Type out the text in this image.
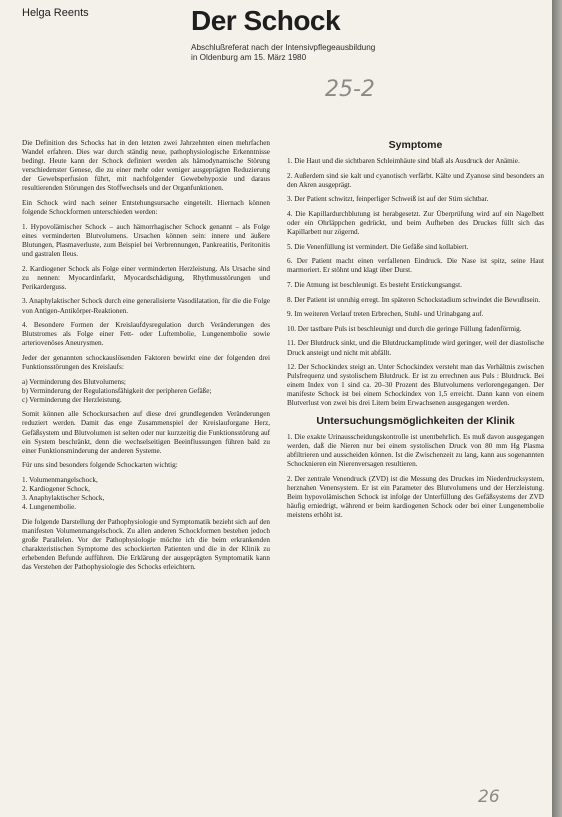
Helga Reents	Der Schock
Abschlußreferat nach der Intensivpflegeausbildung
in Oldenburg am 15. März 1980
25-2

Die Definition des Schocks hat in den letzten zwei Jahrzehnten einen mehrfachen Wandel erfahren. Dies war durch ständig neue, pathophysiologische Erkenntnisse bedingt. Heute kann der Schock definiert werden als hämodynamische Störung verschiedenster Genese, die zu einer mehr oder weniger ausgeprägten Reduzierung der Gewebsperfusion führt, mit nachfolgender Gewebehypoxie und daraus resultierenden Störungen des Stoffwechsels und der Organfunktionen.

Ein Schock wird nach seiner Entstehungsursache eingeteilt. Hiernach können folgende Schockformen unterschieden werden:

1. Hypovolämischer Schock – auch hämorrhagischer Schock genannt – als Folge eines verminderten Blutvolumens. Ursachen können sein: innere und äußere Blutungen, Plasmaverluste, zum Beispiel bei Verbrennungen, Pankreatitis, Peritonitis und gastralen Ileus.

2. Kardiogener Schock als Folge einer verminderten Herzleistung. Als Ursache sind zu nennen: Myocardinfarkt, Myocardschädigung, Rhythmusstörungen und Perikarderguss.

3. Anaphylaktischer Schock durch eine generalisierte Vasodilatation, für die die Folge von Antigen-Antikörper-Reaktionen.

4. Besondere Formen der Kreislaufdysregulation durch Veränderungen des Blutstromes als Folge einer Fett- oder Luftembolie, Lungenembolie sowie arteriovenöses Aneurysmen.

Jeder der genannten schockauslösenden Faktoren bewirkt eine der folgenden drei Funktionsstörungen des Kreislaufs:

a) Verminderung des Blutvolumens;
b) Verminderung der Regulationsfähigkeit der peripheren Gefäße;
c) Verminderung der Herzleistung.

Somit können alle Schockursachen auf diese drei grundlegenden Veränderungen reduziert werden. Damit das enge Zusammenspiel der Kreislauforgane Herz, Gefäßsystem und Blutvolumen ist selten oder nur kurzzeitig die Funktionsstörung auf ein System beschränkt, denn die wechselseitigen Beeinflussungen führen bald zu einer Funktionsminderung der anderen Systeme.

Für uns sind besonders folgende Schockarten wichtig:

1. Volumenmangelschock,
2. Kardiogener Schock,
3. Anaphylaktischer Schock,
4. Lungenembolie.

Die folgende Darstellung der Pathophysiologie und Symptomatik bezieht sich auf den manifesten Volumenmangelschock. Zu allen anderen Schockformen bestehen jedoch große Parallelen. Vor der Pathophysiologie möchte ich die beim erkrankenden charakteristischen Symptome des schockierten Patienten und die in der Klinik zu erhebenden Befunde aufführen. Die Erklärung der ausgeprägten Symptomatik kann das Verstehen der Pathophysiologie des Schocks erleichtern.

Symptome

1. Die Haut und die sichtbaren Schleimhäute sind blaß als Ausdruck der Anämie.

2. Außerdem sind sie kalt und cyanotisch verfärbt. Kälte und Zyanose sind besonders an den Akren ausgeprägt.

3. Der Patient schwitzt, feinperliger Schweiß ist auf der Stirn sichtbar.

4. Die Kapillardurchblutung ist herabgesetzt. Zur Überprüfung wird auf ein Nagelbett oder ein Ohrläppchen gedrückt, und beim Aufheben des Druckes füllt sich das Kapillarbett nur zögernd.

5. Die Venenfüllung ist vermindert. Die Gefäße sind kollabiert.

6. Der Patient macht einen verfallenen Eindruck. Die Nase ist spitz, seine Haut marmoriert. Er stöhnt und klagt über Durst.

7. Die Atmung ist beschleunigt. Es besteht Erstickungsangst.

8. Der Patient ist unruhig erregt. Im späteren Schockstadium schwindet die Bewußtsein.

9. Im weiteren Verlauf treten Erbrechen, Stuhl- und Urinabgang auf.

10. Der tastbare Puls ist beschleunigt und durch die geringe Füllung fadenförmig.

11. Der Blutdruck sinkt, und die Blutdruckamplitude wird geringer, weil der diastolische Druck ansteigt und nicht mit abfällt.

12. Der Schockindex steigt an. Unter Schockindex versteht man das Verhältnis zwischen Pulsfrequenz und systolischem Blutdruck. Er ist zu errechnen aus Puls : Blutdruck. Bei einem Index von 1 sind ca. 20–30 Prozent des Blutvolumens verlorengegangen. Der manifeste Schock ist bei einem Schockindex von 1,5 erreicht. Dann kann von einem Blutverlust von zwei bis drei Litern beim Erwachsenen ausgegangen werden.

Untersuchungsmöglichkeiten der Klinik

1. Die exakte Urinausscheidungskontrolle ist unentbehrlich. Es muß davon ausgegangen werden, daß die Nieren nur bei einem systolischen Druck von 80 mm Hg Plasma abfiltrieren und ausscheiden können. Ist die Zwischenzeit zu lang, kann aus sogenannten Schocknieren ein Nierenversagen resultieren.

2. Der zentrale Venendruck (ZVD) ist die Messung des Druckes im Niederdrucksystem, herznahen Venensystem. Er ist ein Parameter des Blutvolumens und der Herzleistung. Beim hypovolämischen Schock ist infolge der Unterfüllung des Gefäßsystems der ZVD häufig erniedrigt, während er beim kardiogenen Schock oder bei einer Lungenembolie meistens erhöht ist.

26
